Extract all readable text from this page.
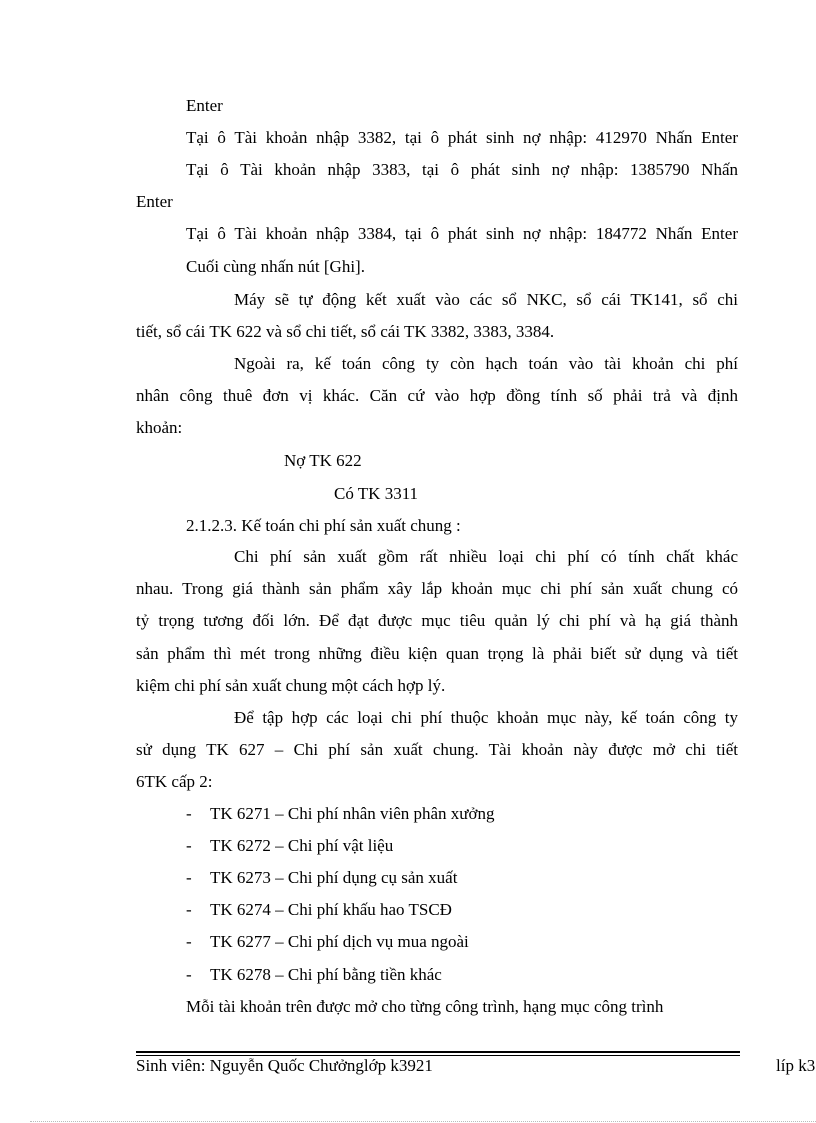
Enter
Tại ô Tài khoản nhập 3382, tại ô phát sinh nợ nhập: 412970 Nhấn Enter
Tại ô Tài khoản nhập 3383, tại ô phát sinh nợ nhập: 1385790 Nhấn
Enter
Tại ô Tài khoản nhập 3384, tại ô phát sinh nợ nhập: 184772 Nhấn Enter
Cuối cùng nhấn nút [Ghi].
Máy sẽ tự động kết xuất vào các sổ NKC, sổ cái TK141, sổ chi
tiết, sổ cái TK 622 và sổ chi tiết, sổ cái TK 3382, 3383, 3384.
Ngoài ra, kế toán công ty còn hạch toán vào tài khoản chi phí
nhân công thuê đơn vị khác. Căn cứ vào hợp đồng tính số phải trả và định
khoản:
Nợ TK 622
Có TK 3311
2.1.2.3. Kế toán chi phí sản xuất chung :
Chi phí sản xuất gồm rất nhiều loại chi phí có tính chất khác
nhau. Trong giá thành sản phẩm xây lắp khoản mục chi phí sản xuất chung có
tỷ trọng tương đối lớn. Để đạt được mục tiêu quản lý chi phí và hạ giá thành
sản phẩm thì mét trong những điều kiện quan trọng là phải biết sử dụng và tiết
kiệm chi phí sản xuất chung một cách hợp lý.
Để tập hợp các loại chi phí thuộc khoản mục này, kế toán công ty
sử dụng TK 627 – Chi phí sản xuất chung. Tài khoản này được mở chi tiết
6TK cấp 2:
- TK 6271 – Chi phí nhân viên phân xưởng
- TK 6272 – Chi phí vật liệu
- TK 6273 – Chi phí dụng cụ sản xuất
- TK 6274 – Chi phí khấu hao TSCĐ
- TK 6277 – Chi phí dịch vụ mua ngoài
- TK 6278 – Chi phí bằng tiền khác
Mỗi tài khoản trên được mở cho từng công trình, hạng mục công trình
Sinh viên: Nguyễn Quốc Chưởnglớp k3921	líp k3
